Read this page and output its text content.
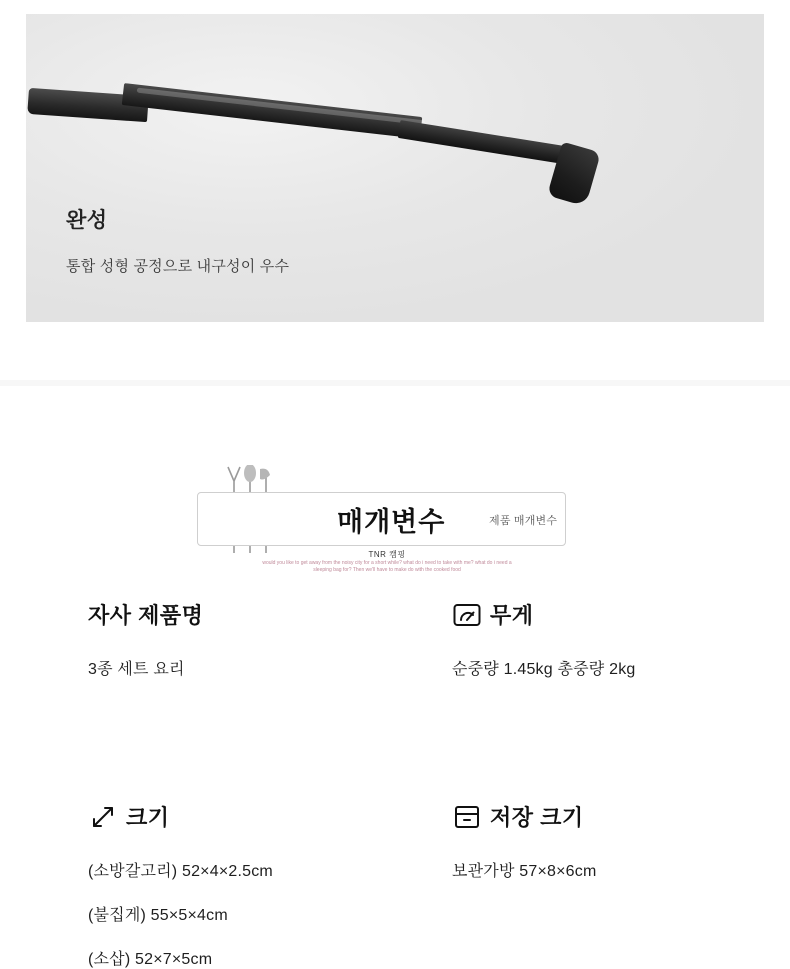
완성
통합 성형 공정으로 내구성이 우수
매개변수	제품 매개변수
TNR 캠핑
would you like to get away from the noisy city for a short while? what do i need to take with me? what do i need a sleeping bag for? Then we'll have to make do with the cooked food
자사 제품명
3종 세트 요리
무게
순중량 1.45kg 총중량 2kg
크기
(소방갈고리) 52×4×2.5cm
(불집게) 55×5×4cm
(소삽) 52×7×5cm
저장 크기
보관가방 57×8×6cm
